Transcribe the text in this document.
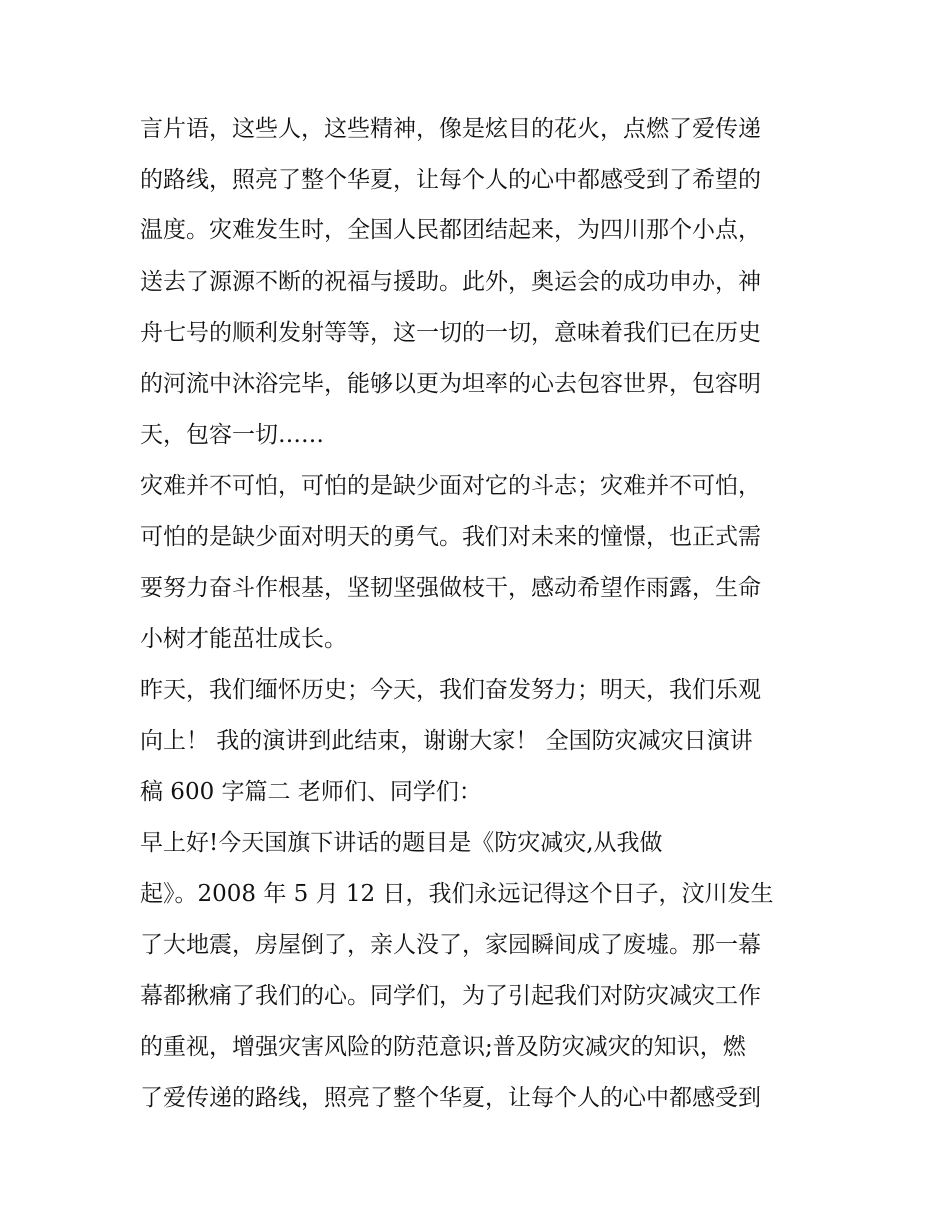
言片语，这些人，这些精神，像是炫目的花火，点燃了爱传递
的路线，照亮了整个华夏，让每个人的心中都感受到了希望的
温度。灾难发生时，全国人民都团结起来，为四川那个小点，
送去了源源不断的祝福与援助。此外，奥运会的成功申办，神
舟七号的顺利发射等等，这一切的一切，意味着我们已在历史
的河流中沐浴完毕，能够以更为坦率的心去包容世界，包容明
天，包容一切……
灾难并不可怕，可怕的是缺少面对它的斗志；灾难并不可怕，
可怕的是缺少面对明天的勇气。我们对未来的憧憬，也正式需
要努力奋斗作根基，坚韧坚强做枝干，感动希望作雨露，生命
小树才能茁壮成长。
昨天，我们缅怀历史；今天，我们奋发努力；明天，我们乐观
向上！ 我的演讲到此结束，谢谢大家！ 全国防灾减灾日演讲
稿 600 字篇二 老师们、同学们：
早上好!今天国旗下讲话的题目是《防灾减灾,从我做
起》。2008 年 5 月 12 日，我们永远记得这个日子，汶川发生
了大地震，房屋倒了，亲人没了，家园瞬间成了废墟。那一幕
幕都揪痛了我们的心。同学们，为了引起我们对防灾减灾工作
的重视，增强灾害风险的防范意识;普及防灾减灾的知识，燃
了爱传递的路线，照亮了整个华夏，让每个人的心中都感受到
